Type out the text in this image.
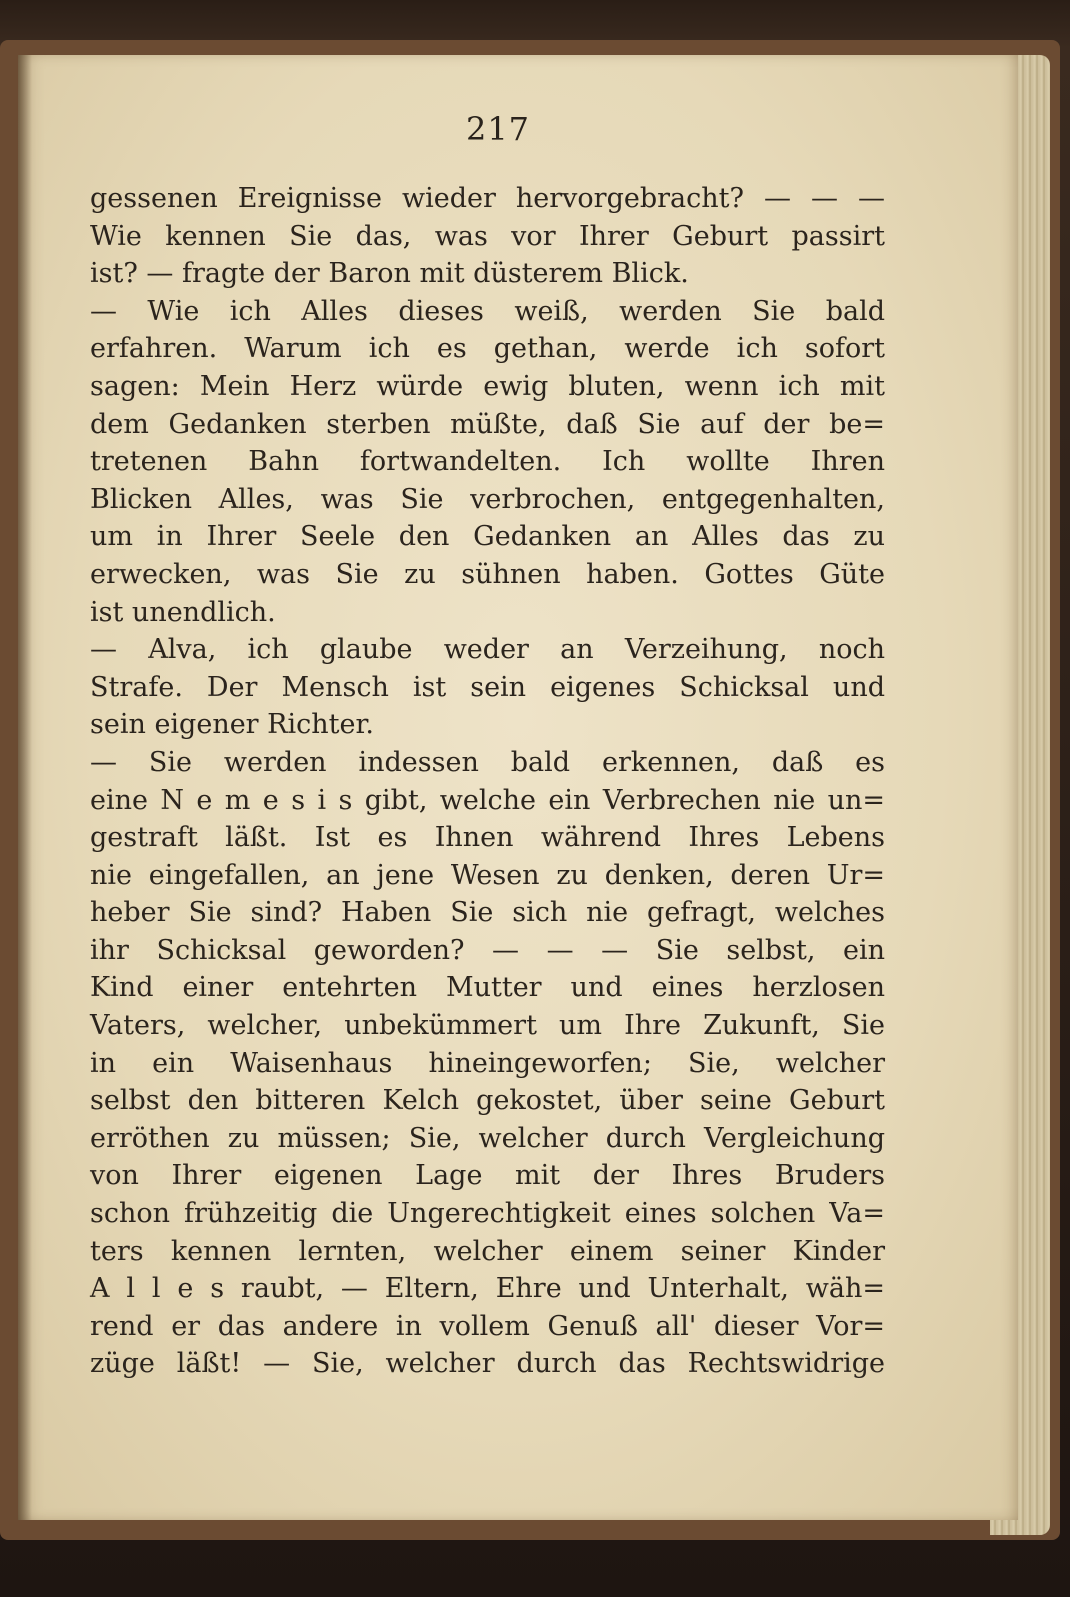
217
gessenen Ereignisse wieder hervorgebracht? — — —
Wie kennen Sie das, was vor Ihrer Geburt passirt
ist? — fragte der Baron mit düsterem Blick.
— Wie ich Alles dieses weiß, werden Sie bald
erfahren. Warum ich es gethan, werde ich sofort
sagen: Mein Herz würde ewig bluten, wenn ich mit
dem Gedanken sterben müßte, daß Sie auf der be=
tretenen Bahn fortwandelten. Ich wollte Ihren
Blicken Alles, was Sie verbrochen, entgegenhalten,
um in Ihrer Seele den Gedanken an Alles das zu
erwecken, was Sie zu sühnen haben. Gottes Güte
ist unendlich.
— Alva, ich glaube weder an Verzeihung, noch
Strafe. Der Mensch ist sein eigenes Schicksal und
sein eigener Richter.
— Sie werden indessen bald erkennen, daß es
eine N e m e s i s gibt, welche ein Verbrechen nie un=
gestraft läßt. Ist es Ihnen während Ihres Lebens
nie eingefallen, an jene Wesen zu denken, deren Ur=
heber Sie sind? Haben Sie sich nie gefragt, welches
ihr Schicksal geworden? — — — Sie selbst, ein
Kind einer entehrten Mutter und eines herzlosen
Vaters, welcher, unbekümmert um Ihre Zukunft, Sie
in ein Waisenhaus hineingeworfen; Sie, welcher
selbst den bitteren Kelch gekostet, über seine Geburt
erröthen zu müssen; Sie, welcher durch Vergleichung
von Ihrer eigenen Lage mit der Ihres Bruders
schon frühzeitig die Ungerechtigkeit eines solchen Va=
ters kennen lernten, welcher einem seiner Kinder
A l l e s raubt, — Eltern, Ehre und Unterhalt, wäh=
rend er das andere in vollem Genuß all' dieser Vor=
züge läßt! — Sie, welcher durch das Rechtswidrige
